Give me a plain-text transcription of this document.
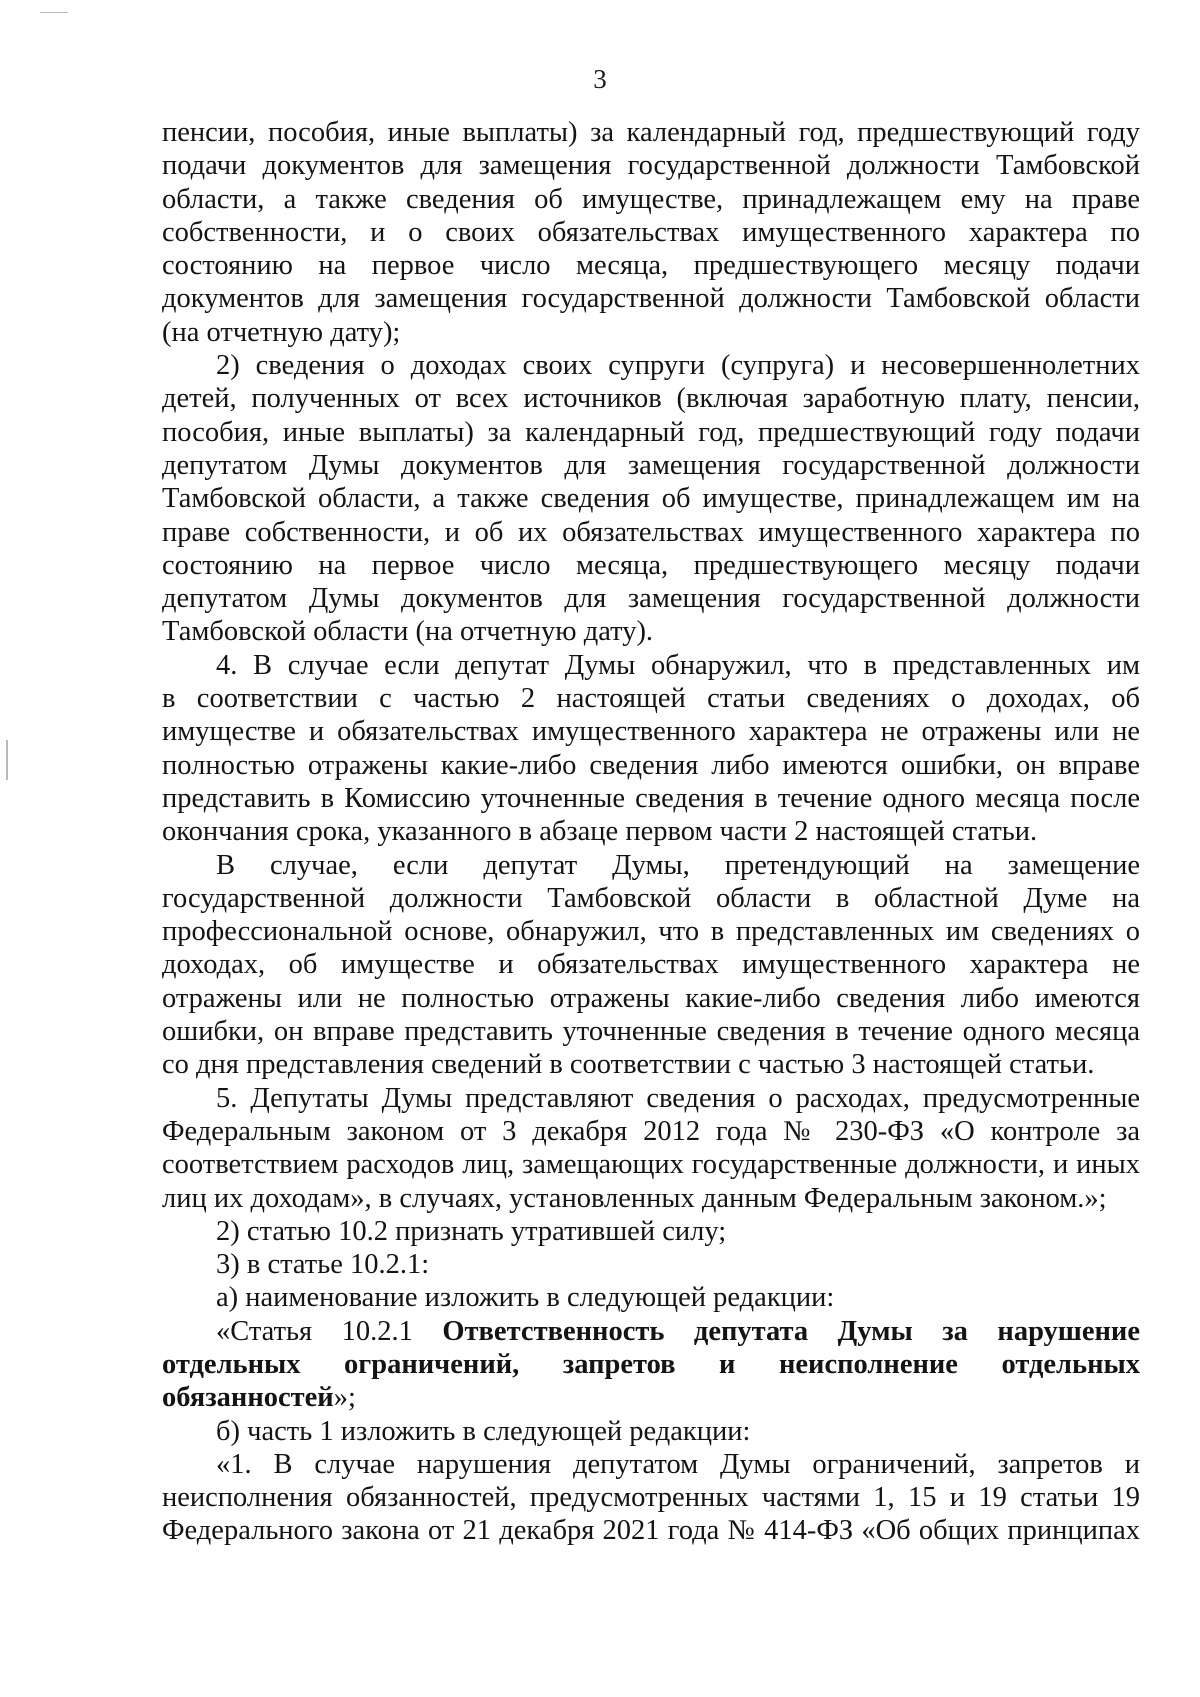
3
пенсии, пособия, иные выплаты) за календарный год, предшествующий году
подачи документов для замещения государственной должности Тамбовской
области, а также сведения об имуществе, принадлежащем ему на праве
собственности, и о своих обязательствах имущественного характера по
состоянию на первое число месяца, предшествующего месяцу подачи
документов для замещения государственной должности Тамбовской области
(на отчетную дату);
2) сведения о доходах своих супруги (супруга) и несовершеннолетних
детей, полученных от всех источников (включая заработную плату, пенсии,
пособия, иные выплаты) за календарный год, предшествующий году подачи
депутатом Думы документов для замещения государственной должности
Тамбовской области, а также сведения об имуществе, принадлежащем им на
праве собственности, и об их обязательствах имущественного характера по
состоянию на первое число месяца, предшествующего месяцу подачи
депутатом Думы документов для замещения государственной должности
Тамбовской области (на отчетную дату).
4. В случае если депутат Думы обнаружил, что в представленных им
в соответствии с частью 2 настоящей статьи сведениях о доходах, об
имуществе и обязательствах имущественного характера не отражены или не
полностью отражены какие-либо сведения либо имеются ошибки, он вправе
представить в Комиссию уточненные сведения в течение одного месяца после
окончания срока, указанного в абзаце первом части 2 настоящей статьи.
В случае, если депутат Думы, претендующий на замещение
государственной должности Тамбовской области в областной Думе на
профессиональной основе, обнаружил, что в представленных им сведениях о
доходах, об имуществе и обязательствах имущественного характера не
отражены или не полностью отражены какие-либо сведения либо имеются
ошибки, он вправе представить уточненные сведения в течение одного месяца
со дня представления сведений в соответствии с частью 3 настоящей статьи.
5. Депутаты Думы представляют сведения о расходах, предусмотренные
Федеральным законом от 3 декабря 2012 года № 230-ФЗ «О контроле за
соответствием расходов лиц, замещающих государственные должности, и иных
лиц их доходам», в случаях, установленных данным Федеральным законом.»;
2) статью 10.2 признать утратившей силу;
3) в статье 10.2.1:
а) наименование изложить в следующей редакции:
«Статья 10.2.1 Ответственность депутата Думы за нарушение
отдельных ограничений, запретов и неисполнение отдельных
обязанностей»;
б) часть 1 изложить в следующей редакции:
«1. В случае нарушения депутатом Думы ограничений, запретов и
неисполнения обязанностей, предусмотренных частями 1, 15 и 19 статьи 19
Федерального закона от 21 декабря 2021 года № 414-ФЗ «Об общих принципах
